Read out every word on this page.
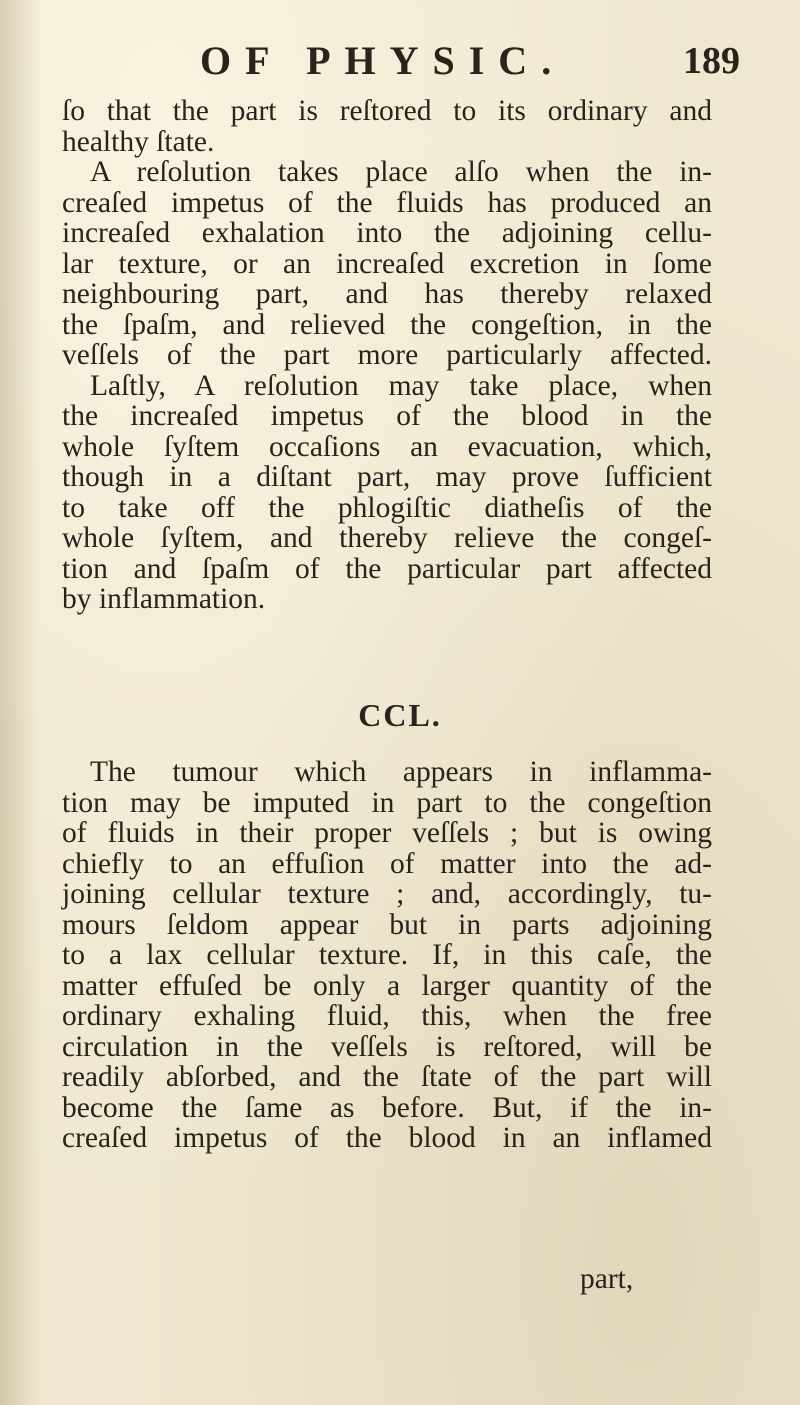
OF PHYSIC.	189
ſo that the part is reſtored to its ordinary and
healthy ſtate.
A reſolution takes place alſo when the in-
creaſed impetus of the fluids has produced an
increaſed exhalation into the adjoining cellu-
lar texture, or an increaſed excretion in ſome
neighbouring part, and has thereby relaxed
the ſpaſm, and relieved the congeſtion, in the
veſſels of the part more particularly affected.
Laſtly, A reſolution may take place, when
the increaſed impetus of the blood in the
whole ſyſtem occaſions an evacuation, which,
though in a diſtant part, may prove ſufficient
to take off the phlogiſtic diatheſis of the
whole ſyſtem, and thereby relieve the congeſ-
tion and ſpaſm of the particular part affected
by inflammation.
CCL.
The tumour which appears in inflamma-
tion may be imputed in part to the congeſtion
of fluids in their proper veſſels ; but is owing
chiefly to an effuſion of matter into the ad-
joining cellular texture ; and, accordingly, tu-
mours ſeldom appear but in parts adjoining
to a lax cellular texture. If, in this caſe, the
matter effuſed be only a larger quantity of the
ordinary exhaling fluid, this, when the free
circulation in the veſſels is reſtored, will be
readily abſorbed, and the ſtate of the part will
become the ſame as before. But, if the in-
creaſed impetus of the blood in an inflamed
part,
